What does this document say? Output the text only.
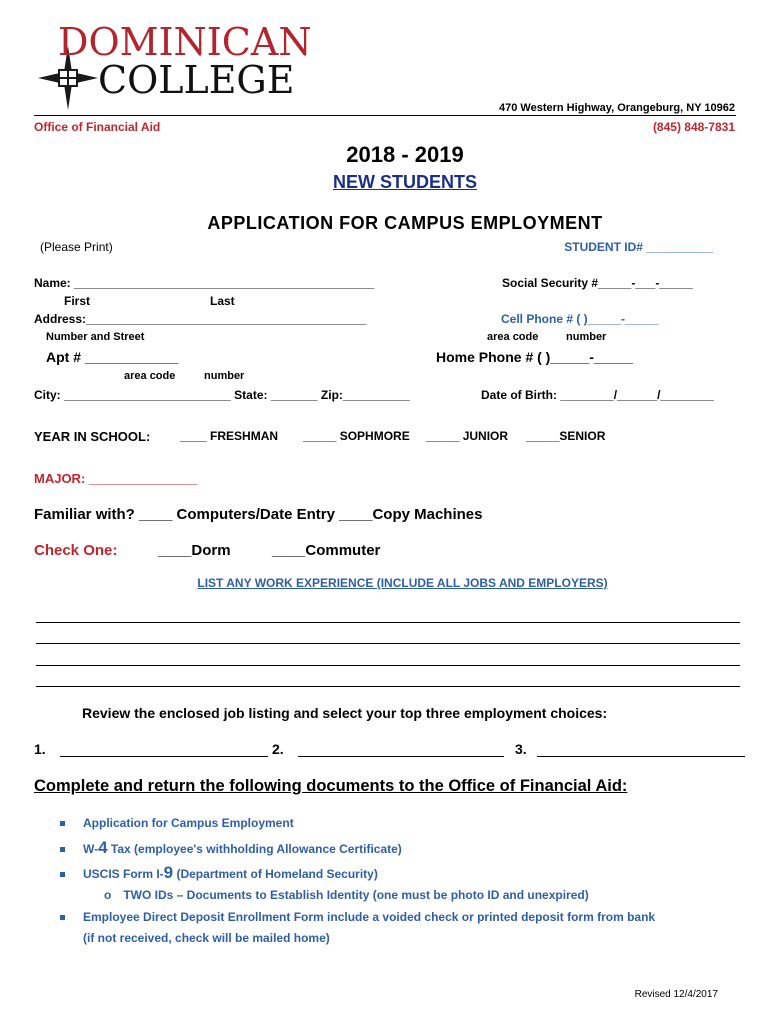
DOMINICAN
COLLEGE
470 Western Highway, Orangeburg, NY 10962
Office of Financial Aid	(845) 848-7831
2018 - 2019
NEW STUDENTS
APPLICATION FOR CAMPUS EMPLOYMENT
(Please Print)	STUDENT ID# __________
Name: _____________________________________________	Social Security #_____-___-_____
First	Last
Address:__________________________________________	Cell Phone # ( )_____-_____
Number and Street	area code	number
Apt # ____________	Home Phone # ( )_____-_____
area code	number
City: _________________________ State: _______ Zip:__________	Date of Birth: ________/______/________
YEAR IN SCHOOL: ____ FRESHMAN _____ SOPHMORE _____ JUNIOR _____SENIOR
MAJOR: _______________
Familiar with? ____ Computers/Date Entry ____Copy Machines
Check One:	____Dorm	____Commuter
LIST ANY WORK EXPERIENCE (INCLUDE ALL JOBS AND EMPLOYERS)
Review the enclosed job listing and select your top three employment choices:
1.	2.	3.
Complete and return the following documents to the Office of Financial Aid:
Application for Campus Employment
W-4 Tax (employee's withholding Allowance Certificate)
USCIS Form I-9 (Department of Homeland Security)
o TWO IDs – Documents to Establish Identity (one must be photo ID and unexpired)
Employee Direct Deposit Enrollment Form include a voided check or printed deposit form from bank
(if not received, check will be mailed home)
Revised 12/4/2017
